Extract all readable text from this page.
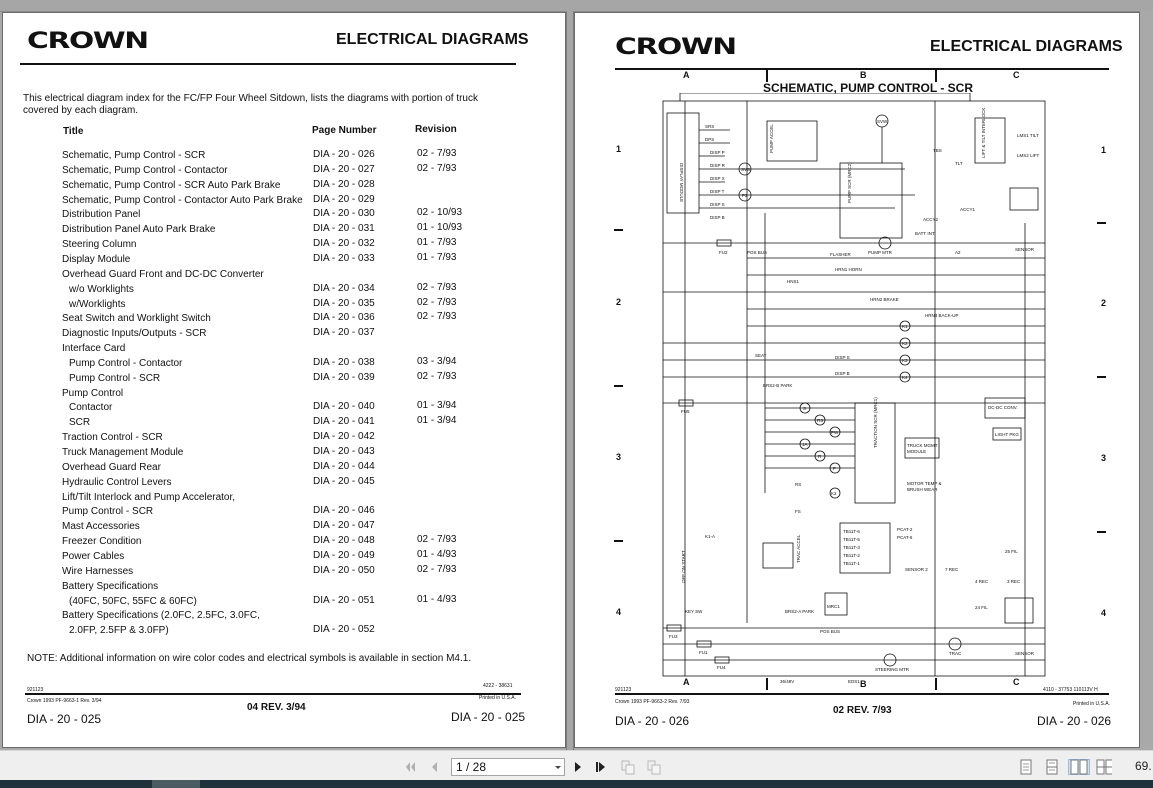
CROWN	ELECTRICAL DIAGRAMS
This electrical diagram index for the FC/FP Four Wheel Sitdown, lists the diagrams with portion of truck covered by each diagram.
Title	Page Number	Revision
Schematic, Pump Control - SCR	DIA - 20 - 026	02 - 7/93
Schematic, Pump Control - Contactor	DIA - 20 - 027	02 - 7/93
Schematic, Pump Control - SCR Auto Park Brake	DIA - 20 - 028
Schematic, Pump Control - Contactor Auto Park Brake DIA - 20 - 029
Distribution Panel	DIA - 20 - 030	02 - 10/93
Distribution Panel Auto Park Brake	DIA - 20 - 031	01 - 10/93
Steering Column	DIA - 20 - 032	01 - 7/93
Display Module	DIA - 20 - 033	01 - 7/93
Overhead Guard Front and DC-DC Converter
w/o Worklights	DIA - 20 - 034	02 - 7/93
w/Worklights	DIA - 20 - 035	02 - 7/93
Seat Switch and Worklight Switch	DIA - 20 - 036	02 - 7/93
Diagnostic Inputs/Outputs - SCR	DIA - 20 - 037
Interface Card
Pump Control - Contactor	DIA - 20 - 038	03 - 3/94
Pump Control - SCR	DIA - 20 - 039	02 - 7/93
Pump Control
Contactor	DIA - 20 - 040	01 - 3/94
SCR	DIA - 20 - 041	01 - 3/94
Traction Control - SCR	DIA - 20 - 042
Truck Management Module	DIA - 20 - 043
Overhead Guard Rear	DIA - 20 - 044
Hydraulic Control Levers	DIA - 20 - 045
Lift/Tilt Interlock and Pump Accelerator,
Pump Control - SCR	DIA - 20 - 046
Mast Accessories	DIA - 20 - 047
Freezer Condition	DIA - 20 - 048	02 - 7/93
Power Cables	DIA - 20 - 049	01 - 4/93
Wire Harnesses	DIA - 20 - 050	02 - 7/93
Battery Specifications
(40FC, 50FC, 55FC & 60FC)	DIA - 20 - 051	01 - 4/93
Battery Specifications (2.0FC, 2.5FC, 3.0FC,
2.0FP, 2.5FP & 3.0FP)	DIA - 20 - 052
NOTE: Additional information on wire color codes and electrical symbols is available in section M4.1.
921123
4222 - 38631
Crown 1993 PF-9663-1 Rev. 3/94	Printed in U.S.A.
04 REV. 3/94
DIA - 20 - 025	DIA - 20 - 025
CROWN	ELECTRICAL DIAGRAMS
A	B	C
SCHEMATIC, PUMP CONTROL - SCR
1
2
3
4
1
2
3
4
DISPLAY MODULE
SRS
DPS
DISP P
DISP R
DISP X
DISP T
DISP S
DISP B
SVS
P2
PUMP ACCEL
PUMP SCR (MRC2)
SVW	LIFT & TILT INTERLOCK	LMS1 TILT
LMS2 LIFT
TBS
TLT
ACCY1
ACCY2
BATT INT
SENSOR
FU2	POS BUS	PUMP MTR	A2
FLASHER
HRN1 HORN
HNS1
HRN2 BRAKE
HRN3 BACK-UP
K1
K2
K3
SEAT	DISP S
K4
DISP B
BRS2-B PARK
FU5	TRACTION SCR (MRC1)	TRUCK MGMT
MODULE
MOTOR TEMP &
BRUSH WEAR
DC-DC CONV.
LIGHT PKG
S
RS
PW
1A
R
F
K2
RS
FS
TB11T-6
TB11T-5
TB11T-3
TB11T-2
TB11T-1
PCAT-2
PCAT-6
K1-A	TRAC ACCEL
SENSOR 2	7 REC
25 FIL
4 REC	3 REC
24 FIL
KEY SW
OFF ON START
MRC1
BRS2-A PARK
FU3
FU1
POS BUS
TRAC	SENSOR
FU4	STEERING MTR
36/48V	EDS1
A	B	C
921123	4110 - 37753 110113V H
Crown 1993 PF-9663-2 Rev. 7/93	Printed in U.S.A.
02 REV. 7/93
DIA - 20 - 026	DIA - 20 - 026
1 / 28	69.
